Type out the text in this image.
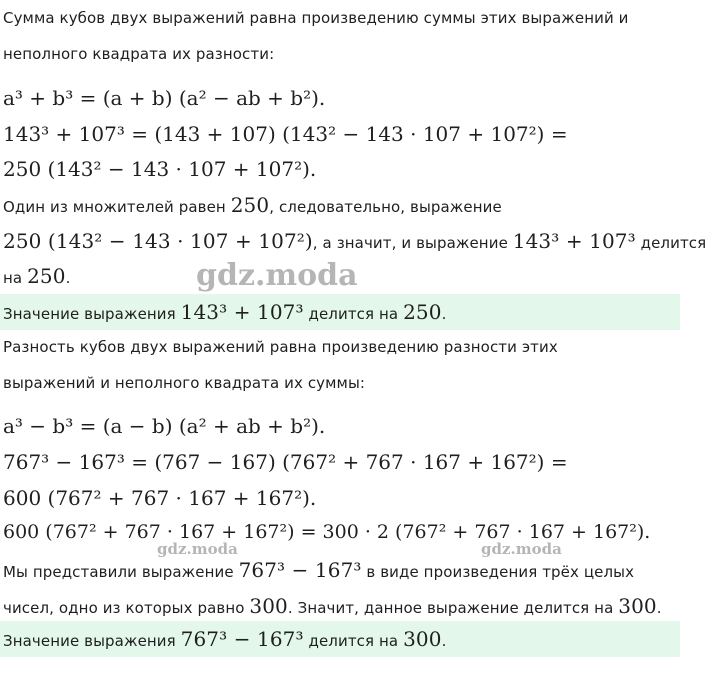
Сумма кубов двух выражений равна произведению суммы этих выражений и
неполного квадрата их разности:
a³ + b³ = (a + b) (a² − ab + b²).
143³ + 107³ = (143 + 107) (143² − 143 · 107 + 107²) =
250 (143² − 143 · 107 + 107²).
Один из множителей равен 250, следовательно, выражение
250 (143² − 143 · 107 + 107²), а значит, и выражение 143³ + 107³ делится
на 250.	gdz.moda
Значение выражения 143³ + 107³ делится на 250.
Разность кубов двух выражений равна произведению разности этих
выражений и неполного квадрата их суммы:
a³ − b³ = (a − b) (a² + ab + b²).
767³ − 167³ = (767 − 167) (767² + 767 · 167 + 167²) =
600 (767² + 767 · 167 + 167²).
600 (767² + 767 · 167 + 167²) = 300 · 2 (767² + 767 · 167 + 167²).
gdz.moda	gdz.moda
Мы представили выражение 767³ − 167³ в виде произведения трёх целых
чисел, одно из которых равно 300. Значит, данное выражение делится на 300.
Значение выражения 767³ − 167³ делится на 300.
